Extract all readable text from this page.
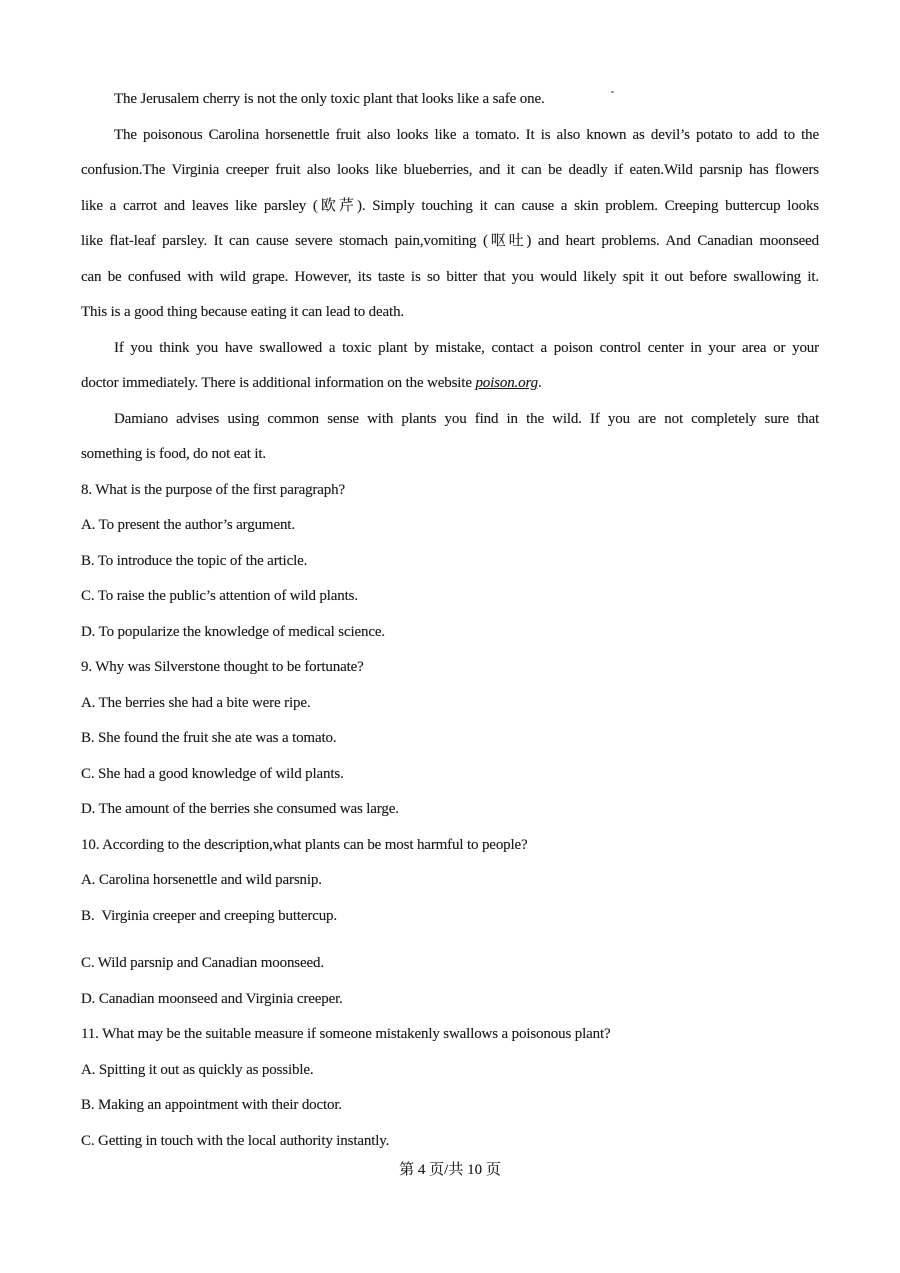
The Jerusalem cherry is not the only toxic plant that looks like a safe one.

The poisonous Carolina horsenettle fruit also looks like a tomato. It is also known as devil’s potato to add to the

confusion.The Virginia creeper fruit also looks like blueberries, and it can be deadly if eaten.Wild parsnip has flowers

like a carrot and leaves like parsley (欧芹). Simply touching it can cause a skin problem. Creeping buttercup looks

like flat-leaf parsley. It can cause severe stomach pain,vomiting (呕吐) and heart problems. And Canadian moonseed

can be confused with wild grape. However, its taste is so bitter that you would likely spit it out before swallowing it.

This is a good thing because eating it can lead to death.

If you think you have swallowed a toxic plant by mistake, contact a poison control center in your area or your

doctor immediately. There is additional information on the website poison.org.

Damiano advises using common sense with plants you find in the wild. If you are not completely sure that

something is food, do not eat it.

8. What is the purpose of the first paragraph?

A. To present the author’s argument.

B. To introduce the topic of the article.

C. To raise the public’s attention of wild plants.

D. To popularize the knowledge of medical science.

9. Why was Silverstone thought to be fortunate?

A. The berries she had a bite were ripe.

B. She found the fruit she ate was a tomato.

C. She had a good knowledge of wild plants.

D. The amount of the berries she consumed was large.

10. According to the description,what plants can be most harmful to people?

A. Carolina horsenettle and wild parsnip.

B.  Virginia creeper and creeping buttercup.

C. Wild parsnip and Canadian moonseed.

D. Canadian moonseed and Virginia creeper.

11. What may be the suitable measure if someone mistakenly swallows a poisonous plant?

A. Spitting it out as quickly as possible.

B. Making an appointment with their doctor.

C. Getting in touch with the local authority instantly.

第 4 页/共 10 页
